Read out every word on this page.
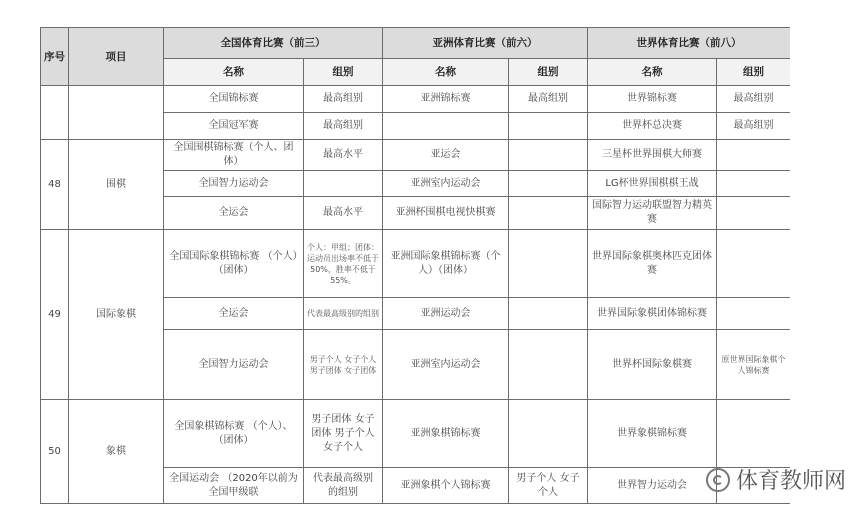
序号	项目	全国体育比赛（前三）		亚洲体育比赛（前六）		世界体育比赛（前八）	
		名称	组别	名称	组别	名称	组别
		全国锦标赛	最高组别	亚洲锦标赛	最高组别	世界锦标赛	最高组别
		全国冠军赛	最高组别			世界杯总决赛	最高组别
48	围棋	全国围棋锦标赛（个人、团体）	最高水平	亚运会		三星杯世界围棋大师赛	
		全国智力运动会		亚洲室内运动会		LG杯世界围棋棋王战	
		全运会	最高水平	亚洲杯围棋电视快棋赛		国际智力运动联盟智力精英赛	
49	国际象棋	全国国际象棋锦标赛 （个人）（团体）	个人：甲组；团体：运动员出场率不低于50%，胜率不低于55%。	亚洲国际象棋锦标赛（个人）（团体）		世界国际象棋奥林匹克团体赛	
		全运会	代表最高级别的组别	亚洲运动会		世界国际象棋团体锦标赛	
		全国智力运动会	男子个人 女子个人 男子团体 女子团体	亚洲室内运动会		世界杯国际象棋赛	原世界国际象棋个人锦标赛
50	象棋	全国象棋锦标赛 （个人）、（团体）	男子团体 女子团体 男子个人 女子个人	亚洲象棋锦标赛		世界象棋锦标赛	
		全国运动会 （2020年以前为全国甲级联	代表最高级别 的组别	亚洲象棋个人锦标赛	男子个人 女子个人	世界智力运动会	体育教师网
